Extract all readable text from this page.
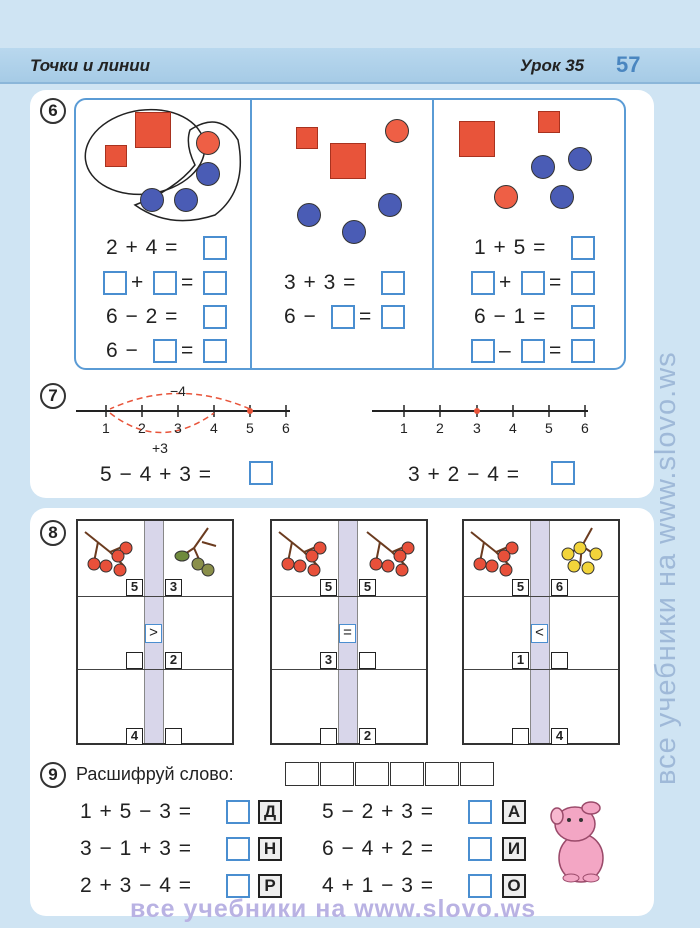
Точки и линии	Урок 35 57
6
2 + 4 =
+ =
6 − 2 =
6 − =
3 + 3 =
6 − =
1 + 5 =
+ =
6 − 1 =
– =
7	−4
+3
1 2 3 4 5 6	1 2 3 4 5 6
5 − 4 + 3 =	3 + 2 − 4 =
8
5	3
>
2
4
5	5
=
3
2
5	6
<
1
4
9	Расшифруй слово:
1 + 5 − 3 =	Д
3 − 1 + 3 =	Н
2 + 3 − 4 =	Р
5 − 2 + 3 =	А
6 − 4 + 2 =	И
4 + 1 − 3 =	О
все учебники на www.slovo.ws
все учебники на www.slovo.ws
